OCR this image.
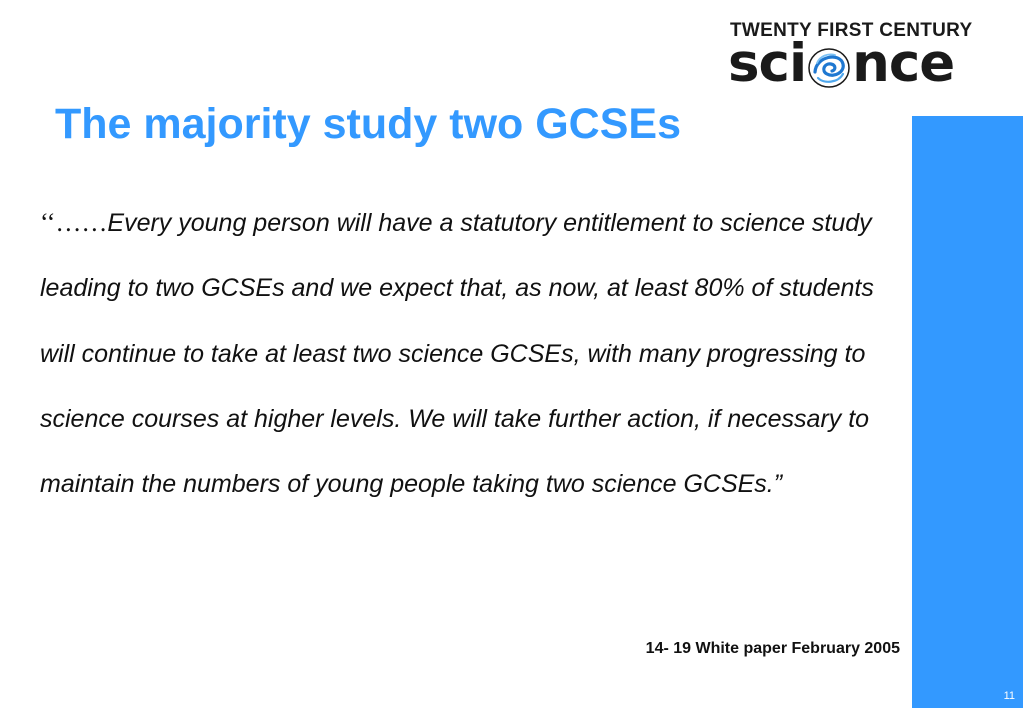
TWENTY FIRST CENTURY
sci nce
The majority study two GCSEs
11

‘‘……Every young person will have a statutory entitlement to science study leading to two GCSEs and we expect that, as now, at least 80% of students will continue to take at least two science GCSEs, with many progressing to science courses at higher levels. We will take further action, if necessary to maintain the numbers of young people taking two science GCSEs.”

14- 19 White paper February 2005
